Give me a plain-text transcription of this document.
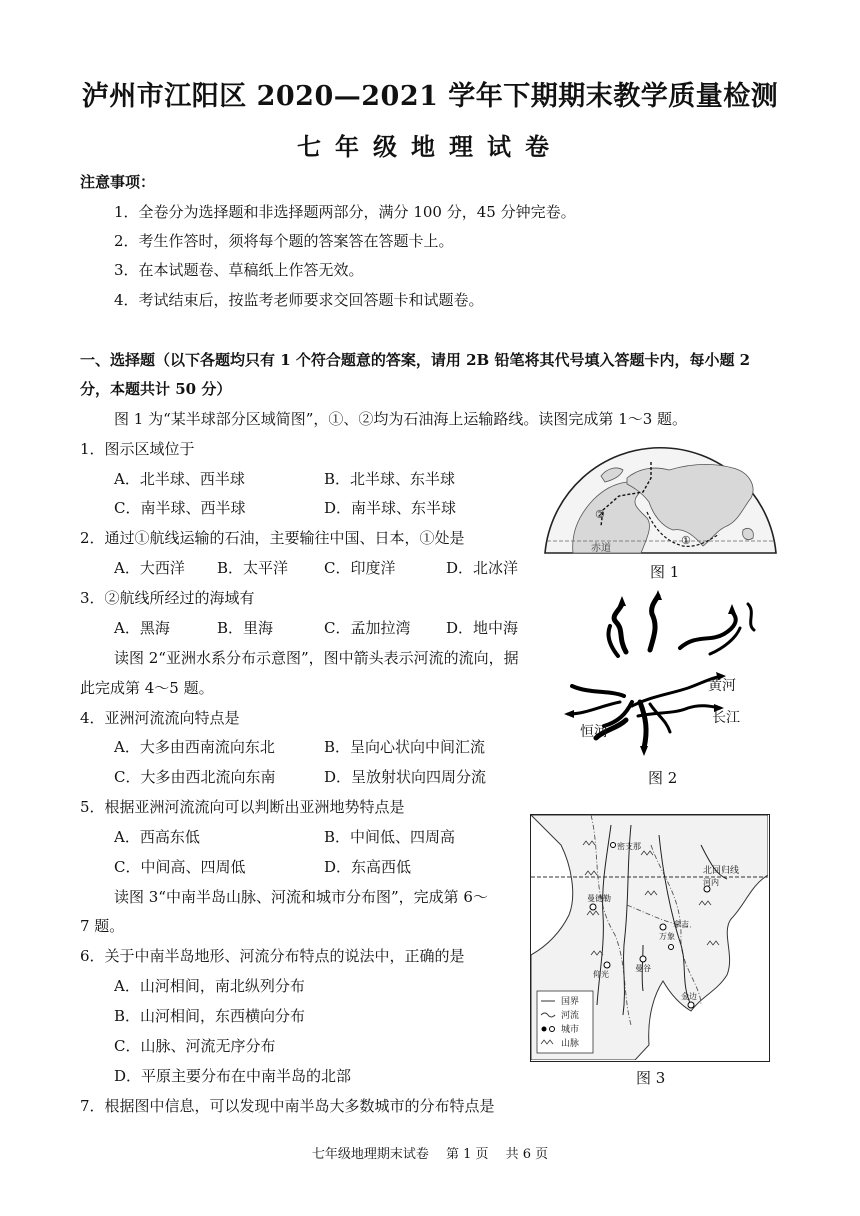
泸州市江阳区 2020—2021 学年下期期末教学质量检测
七年级地理试卷
注意事项：
1．全卷分为选择题和非选择题两部分，满分 100 分，45 分钟完卷。
2．考生作答时，须将每个题的答案答在答题卡上。
3．在本试题卷、草稿纸上作答无效。
4．考试结束后，按监考老师要求交回答题卡和试题卷。
一、选择题（以下各题均只有 1 个符合题意的答案，请用 2B 铅笔将其代号填入答题卡内，每小题 2
分，本题共计 50 分）
图 1 为“某半球部分区域简图”，①、②均为石油海上运输路线。读图完成第 1～3 题。
1．图示区域位于
A．北半球、西半球	B．北半球、东半球
C．南半球、西半球	D．南半球、东半球
2．通过①航线运输的石油，主要输往中国、日本，①处是
A．大西洋 B．太平洋 C．印度洋	D．北冰洋
3．②航线所经过的海域有
A．黑海	B．里海	C．孟加拉湾 D．地中海
读图 2“亚洲水系分布示意图”，图中箭头表示河流的流向，据
此完成第 4～5 题。
4．亚洲河流流向特点是
A．大多由西南流向东北	B．呈向心状向中间汇流
C．大多由西北流向东南	D．呈放射状向四周分流
5．根据亚洲河流流向可以判断出亚洲地势特点是
A．西高东低	B．中间低、四周高
C．中间高、四周低	D．东高西低
读图 3“中南半岛山脉、河流和城市分布图”，完成第 6～
7 题。
6．关于中南半岛地形、河流分布特点的说法中，正确的是
A．山河相间，南北纵列分布
B．山河相间，东西横向分布
C．山脉、河流无序分布
D．平原主要分布在中南半岛的北部
7．根据图中信息，可以发现中南半岛大多数城市的分布特点是
七年级地理期末试卷　 第 1 页　 共 6 页
赤道
②
①
图 1
黄河
长江
恒河
图 2
北回归线
曼德勒
仰光
万象
曼谷
金边
河内
拿吉
密支那
国界
河流
城市
山脉
图 3
